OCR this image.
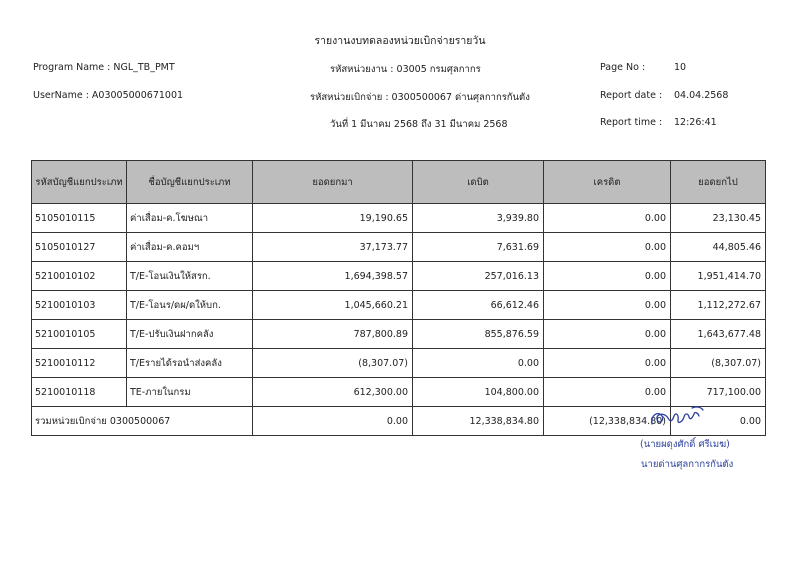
รายงานงบทดลองหน่วยเบิกจ่ายรายวัน
Program Name : NGL_TB_PMT
UserName : A03005000671001
รหัสหน่วยงาน : 03005 กรมศุลกากร
รหัสหน่วยเบิกจ่าย : 0300500067 ด่านศุลกากรกันตัง
วันที่ 1 มีนาคม 2568 ถึง 31 มีนาคม 2568
Page No :	10
Report date : 04.04.2568
Report time : 12:26:41
รหัสบัญชีแยกประเภท	ชื่อบัญชีแยกประเภท	ยอดยกมา	เดบิต	เครดิต	ยอดยกไป
5105010115	ค่าเสื่อม-ค.โฆษณา	19,190.65	3,939.80	0.00	23,130.45
5105010127	ค่าเสื่อม-ค.คอมฯ	37,173.77	7,631.69	0.00	44,805.46
5210010102	T/E-โอนเงินให้สรก.	1,694,398.57	257,016.13	0.00	1,951,414.70
5210010103	T/E-โอนร/ดผ/ดให้บก.	1,045,660.21	66,612.46	0.00	1,112,272.67
5210010105	T/E-ปรับเงินฝากคลัง	787,800.89	855,876.59	0.00	1,643,677.48
5210010112	T/Eรายได้รอนำส่งคลัง	(8,307.07)	0.00	0.00	(8,307.07)
5210010118	TE-ภายในกรม	612,300.00	104,800.00	0.00	717,100.00
รวมหน่วยเบิกจ่าย 0300500067		0.00	12,338,834.80	(12,338,834.80)	0.00
(นายผดุงศักดิ์ ศรีเมฆ)
นายด่านศุลกากรกันตัง
